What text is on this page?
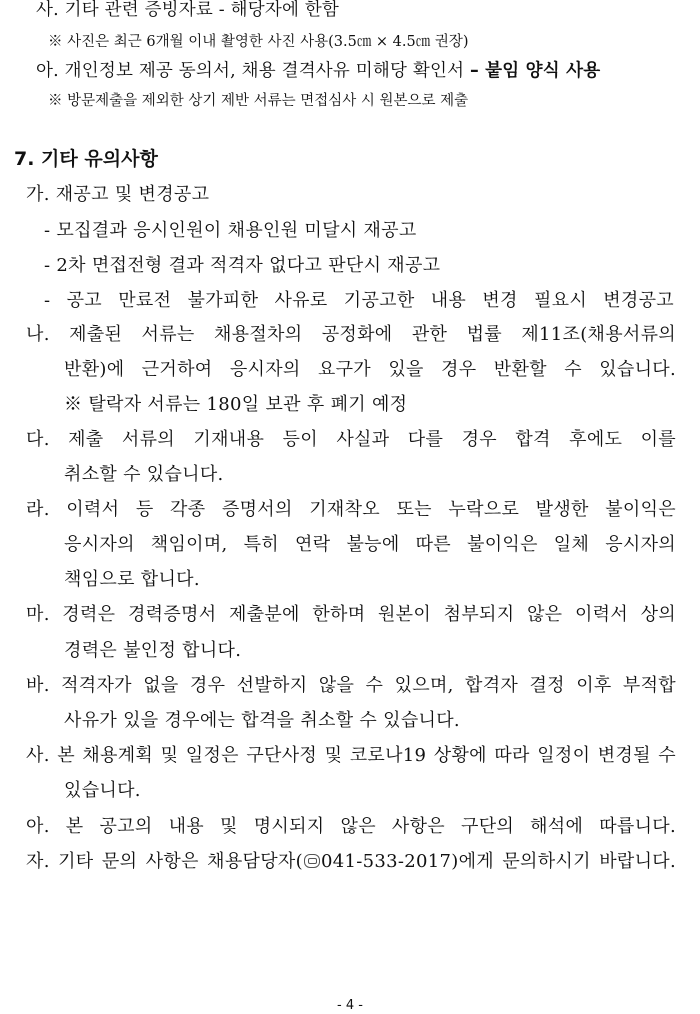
사. 기타 관련 증빙자료 - 해당자에 한함
※ 사진은 최근 6개월 이내 촬영한 사진 사용(3.5㎝ × 4.5㎝ 권장)
아. 개인정보 제공 동의서, 채용 결격사유 미해당 확인서 – 붙임 양식 사용
※ 방문제출을 제외한 상기 제반 서류는 면접심사 시 원본으로 제출
7. 기타 유의사항
가. 재공고 및 변경공고
- 모집결과 응시인원이 채용인원 미달시 재공고
- 2차 면접전형 결과 적격자 없다고 판단시 재공고
- 공고 만료전 불가피한 사유로 기공고한 내용 변경 필요시 변경공고
나. 제출된 서류는 채용절차의 공정화에 관한 법률 제11조(채용서류의
반환)에 근거하여 응시자의 요구가 있을 경우 반환할 수 있습니다.
※ 탈락자 서류는 180일 보관 후 폐기 예정
다. 제출 서류의 기재내용 등이 사실과 다를 경우 합격 후에도 이를
취소할 수 있습니다.
라. 이력서 등 각종 증명서의 기재착오 또는 누락으로 발생한 불이익은
응시자의 책임이며, 특히 연락 불능에 따른 불이익은 일체 응시자의
책임으로 합니다.
마. 경력은 경력증명서 제출분에 한하며 원본이 첨부되지 않은 이력서 상의
경력은 불인정 합니다.
바. 적격자가 없을 경우 선발하지 않을 수 있으며, 합격자 결정 이후 부적합
사유가 있을 경우에는 합격을 취소할 수 있습니다.
사. 본 채용계획 및 일정은 구단사정 및 코로나19 상황에 따라 일정이 변경될 수
있습니다.
아. 본 공고의 내용 및 명시되지 않은 사항은 구단의 해석에 따릅니다.
자. 기타 문의 사항은 채용담당자( 041-533-2017)에게 문의하시기 바랍니다.
- 4 -
